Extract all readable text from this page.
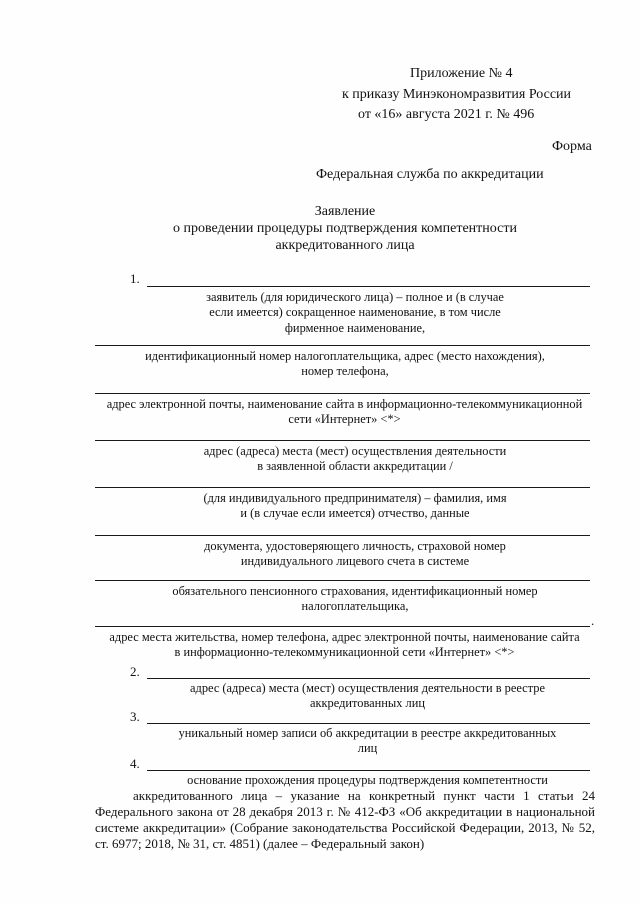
Приложение № 4
к приказу Минэкономразвития России
от «16» августа 2021 г. № 496
Форма
Федеральная служба по аккредитации
Заявление
о проведении процедуры подтверждения компетентности
аккредитованного лица
1.
заявитель (для юридического лица) – полное и (в случае
если имеется) сокращенное наименование, в том числе
фирменное наименование,
идентификационный номер налогоплательщика, адрес (место нахождения),
номер телефона,
адрес электронной почты, наименование сайта в информационно-телекоммуникационной
сети «Интернет» <*>
адрес (адреса) места (мест) осуществления деятельности
в заявленной области аккредитации /
(для индивидуального предпринимателя) – фамилия, имя
и (в случае если имеется) отчество, данные
документа, удостоверяющего личность, страховой номер
индивидуального лицевого счета в системе
обязательного пенсионного страхования, идентификационный номер
налогоплательщика,
.
адрес места жительства, номер телефона, адрес электронной почты, наименование сайта
в информационно-телекоммуникационной сети «Интернет» <*>
2.
адрес (адреса) места (мест) осуществления деятельности в реестре
аккредитованных лиц
3.
уникальный номер записи об аккредитации в реестре аккредитованных
лиц
4.
основание прохождения процедуры подтверждения компетентности
аккредитованного лица – указание на конкретный пункт части 1 статьи 24
Федерального закона от 28 декабря 2013 г. № 412-ФЗ «Об аккредитации в национальной
системе аккредитации» (Собрание законодательства Российской Федерации, 2013, № 52,
ст. 6977; 2018, № 31, ст. 4851) (далее – Федеральный закон)
